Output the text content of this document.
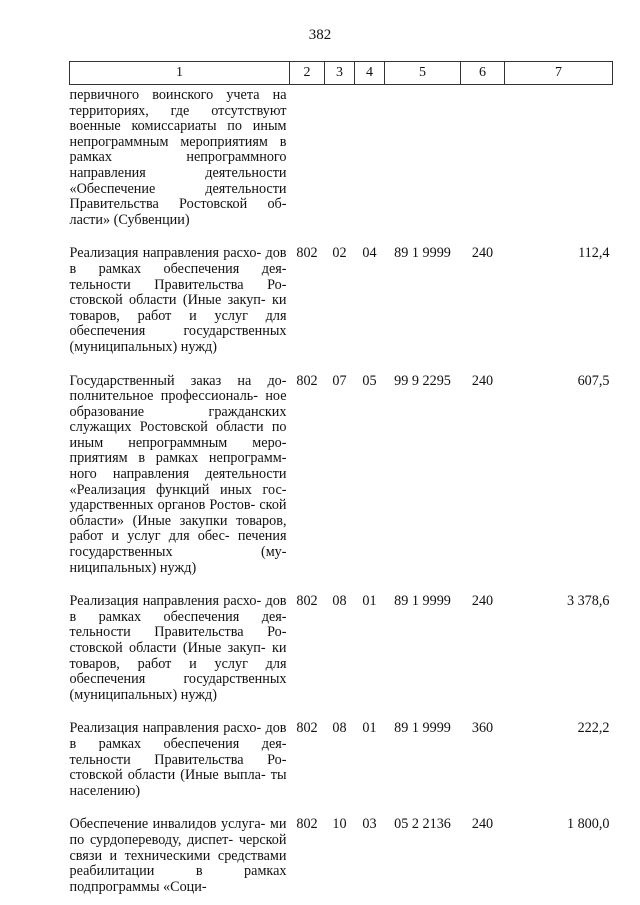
382
1	2	3	4	5	6	7
первичного воинского учета на территориях, где отсутствуют военные комиссариаты по иным непрограммным мероприятиям в рамках непрограммного направления деятельности «Обеспечение деятельности Правительства Ростовской об- ласти» (Субвенции)						
Реализация направления расхо- дов в рамках обеспечения дея- тельности Правительства Ро- стовской области (Иные закуп- ки товаров, работ и услуг для обеспечения государственных (муниципальных) нужд)	802	02	04	89 1 9999	240	112,4
Государственный заказ на до- полнительное профессиональ- ное образование гражданских служащих Ростовской области по иным непрограммным меро- приятиям в рамках непрограмм- ного направления деятельности «Реализация функций иных гос- ударственных органов Ростов- ской области» (Иные закупки товаров, работ и услуг для обес- печения государственных (му- ниципальных) нужд)	802	07	05	99 9 2295	240	607,5
Реализация направления расхо- дов в рамках обеспечения дея- тельности Правительства Ро- стовской области (Иные закуп- ки товаров, работ и услуг для обеспечения государственных (муниципальных) нужд)	802	08	01	89 1 9999	240	3 378,6
Реализация направления расхо- дов в рамках обеспечения дея- тельности Правительства Ро- стовской области (Иные выпла- ты населению)	802	08	01	89 1 9999	360	222,2
Обеспечение инвалидов услуга- ми по сурдопереводу, диспет- черской связи и техническими средствами реабилитации в рамках подпрограммы «Соци-	802	10	03	05 2 2136	240	1 800,0
